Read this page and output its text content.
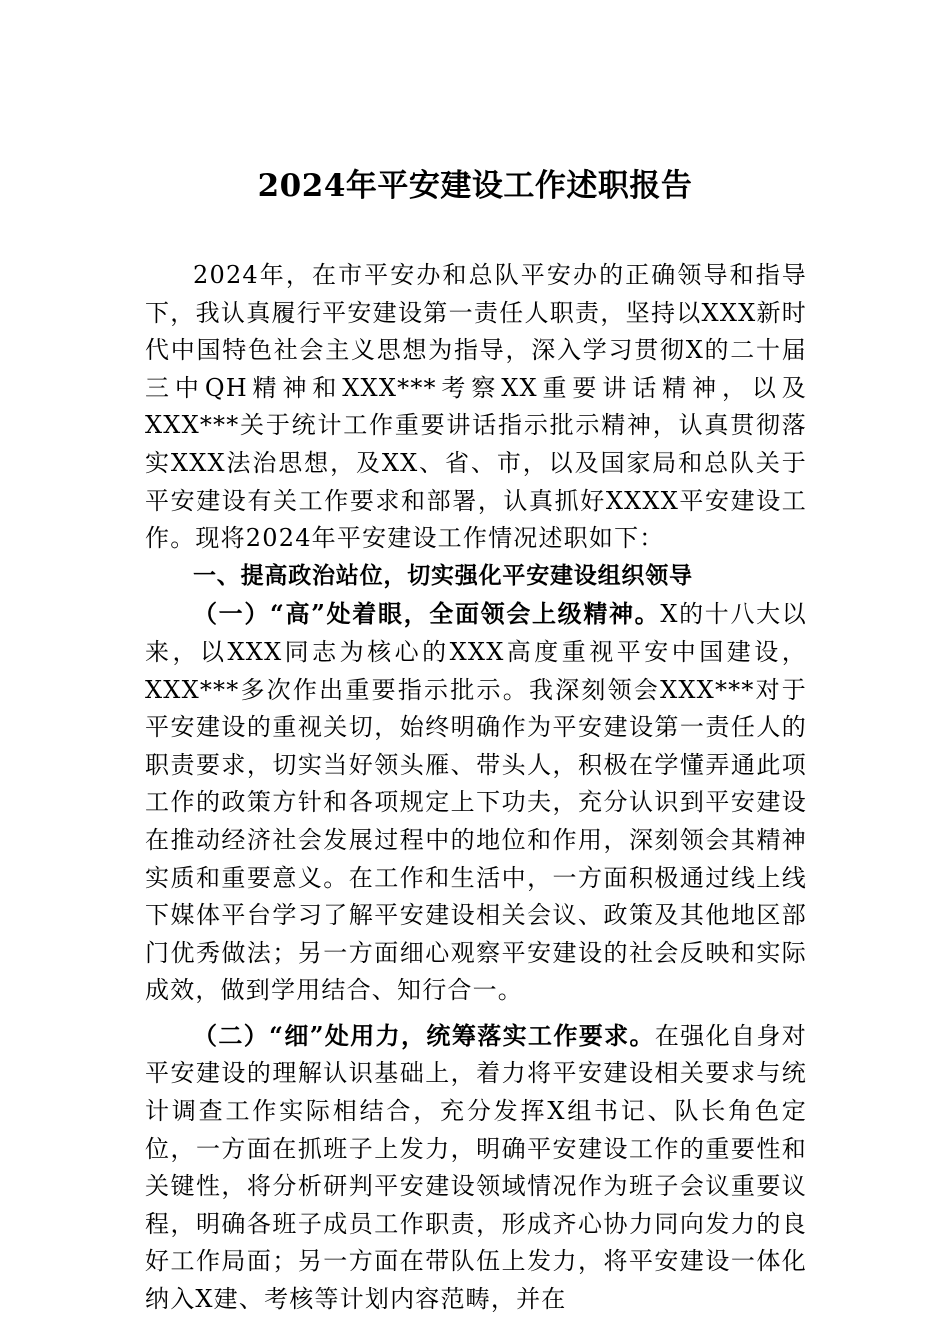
2024年平安建设工作述职报告

2024年，在市平安办和总队平安办的正确领导和指导下，我认真履行平安建设第一责任人职责，坚持以XXX新时代中国特色社会主义思想为指导，深入学习贯彻X的二十届三中QH精神和XXX***考察XX重要讲话精神，以及XXX***关于统计工作重要讲话指示批示精神，认真贯彻落实XXX法治思想，及XX、省、市，以及国家局和总队关于平安建设有关工作要求和部署，认真抓好XXXX平安建设工作。现将2024年平安建设工作情况述职如下：

一、提高政治站位，切实强化平安建设组织领导

（一）“高”处着眼，全面领会上级精神。X的十八大以来，以XXX同志为核心的XXX高度重视平安中国建设，XXX***多次作出重要指示批示。我深刻领会XXX***对于平安建设的重视关切，始终明确作为平安建设第一责任人的职责要求，切实当好领头雁、带头人，积极在学懂弄通此项工作的政策方针和各项规定上下功夫，充分认识到平安建设在推动经济社会发展过程中的地位和作用，深刻领会其精神实质和重要意义。在工作和生活中，一方面积极通过线上线下媒体平台学习了解平安建设相关会议、政策及其他地区部门优秀做法；另一方面细心观察平安建设的社会反映和实际成效，做到学用结合、知行合一。

（二）“细”处用力，统筹落实工作要求。在强化自身对平安建设的理解认识基础上，着力将平安建设相关要求与统计调查工作实际相结合，充分发挥X组书记、队长角色定位，一方面在抓班子上发力，明确平安建设工作的重要性和关键性，将分析研判平安建设领域情况作为班子会议重要议程，明确各班子成员工作职责，形成齐心协力同向发力的良好工作局面；另一方面在带队伍上发力，将平安建设一体化纳入X建、考核等计划内容范畴，并在
